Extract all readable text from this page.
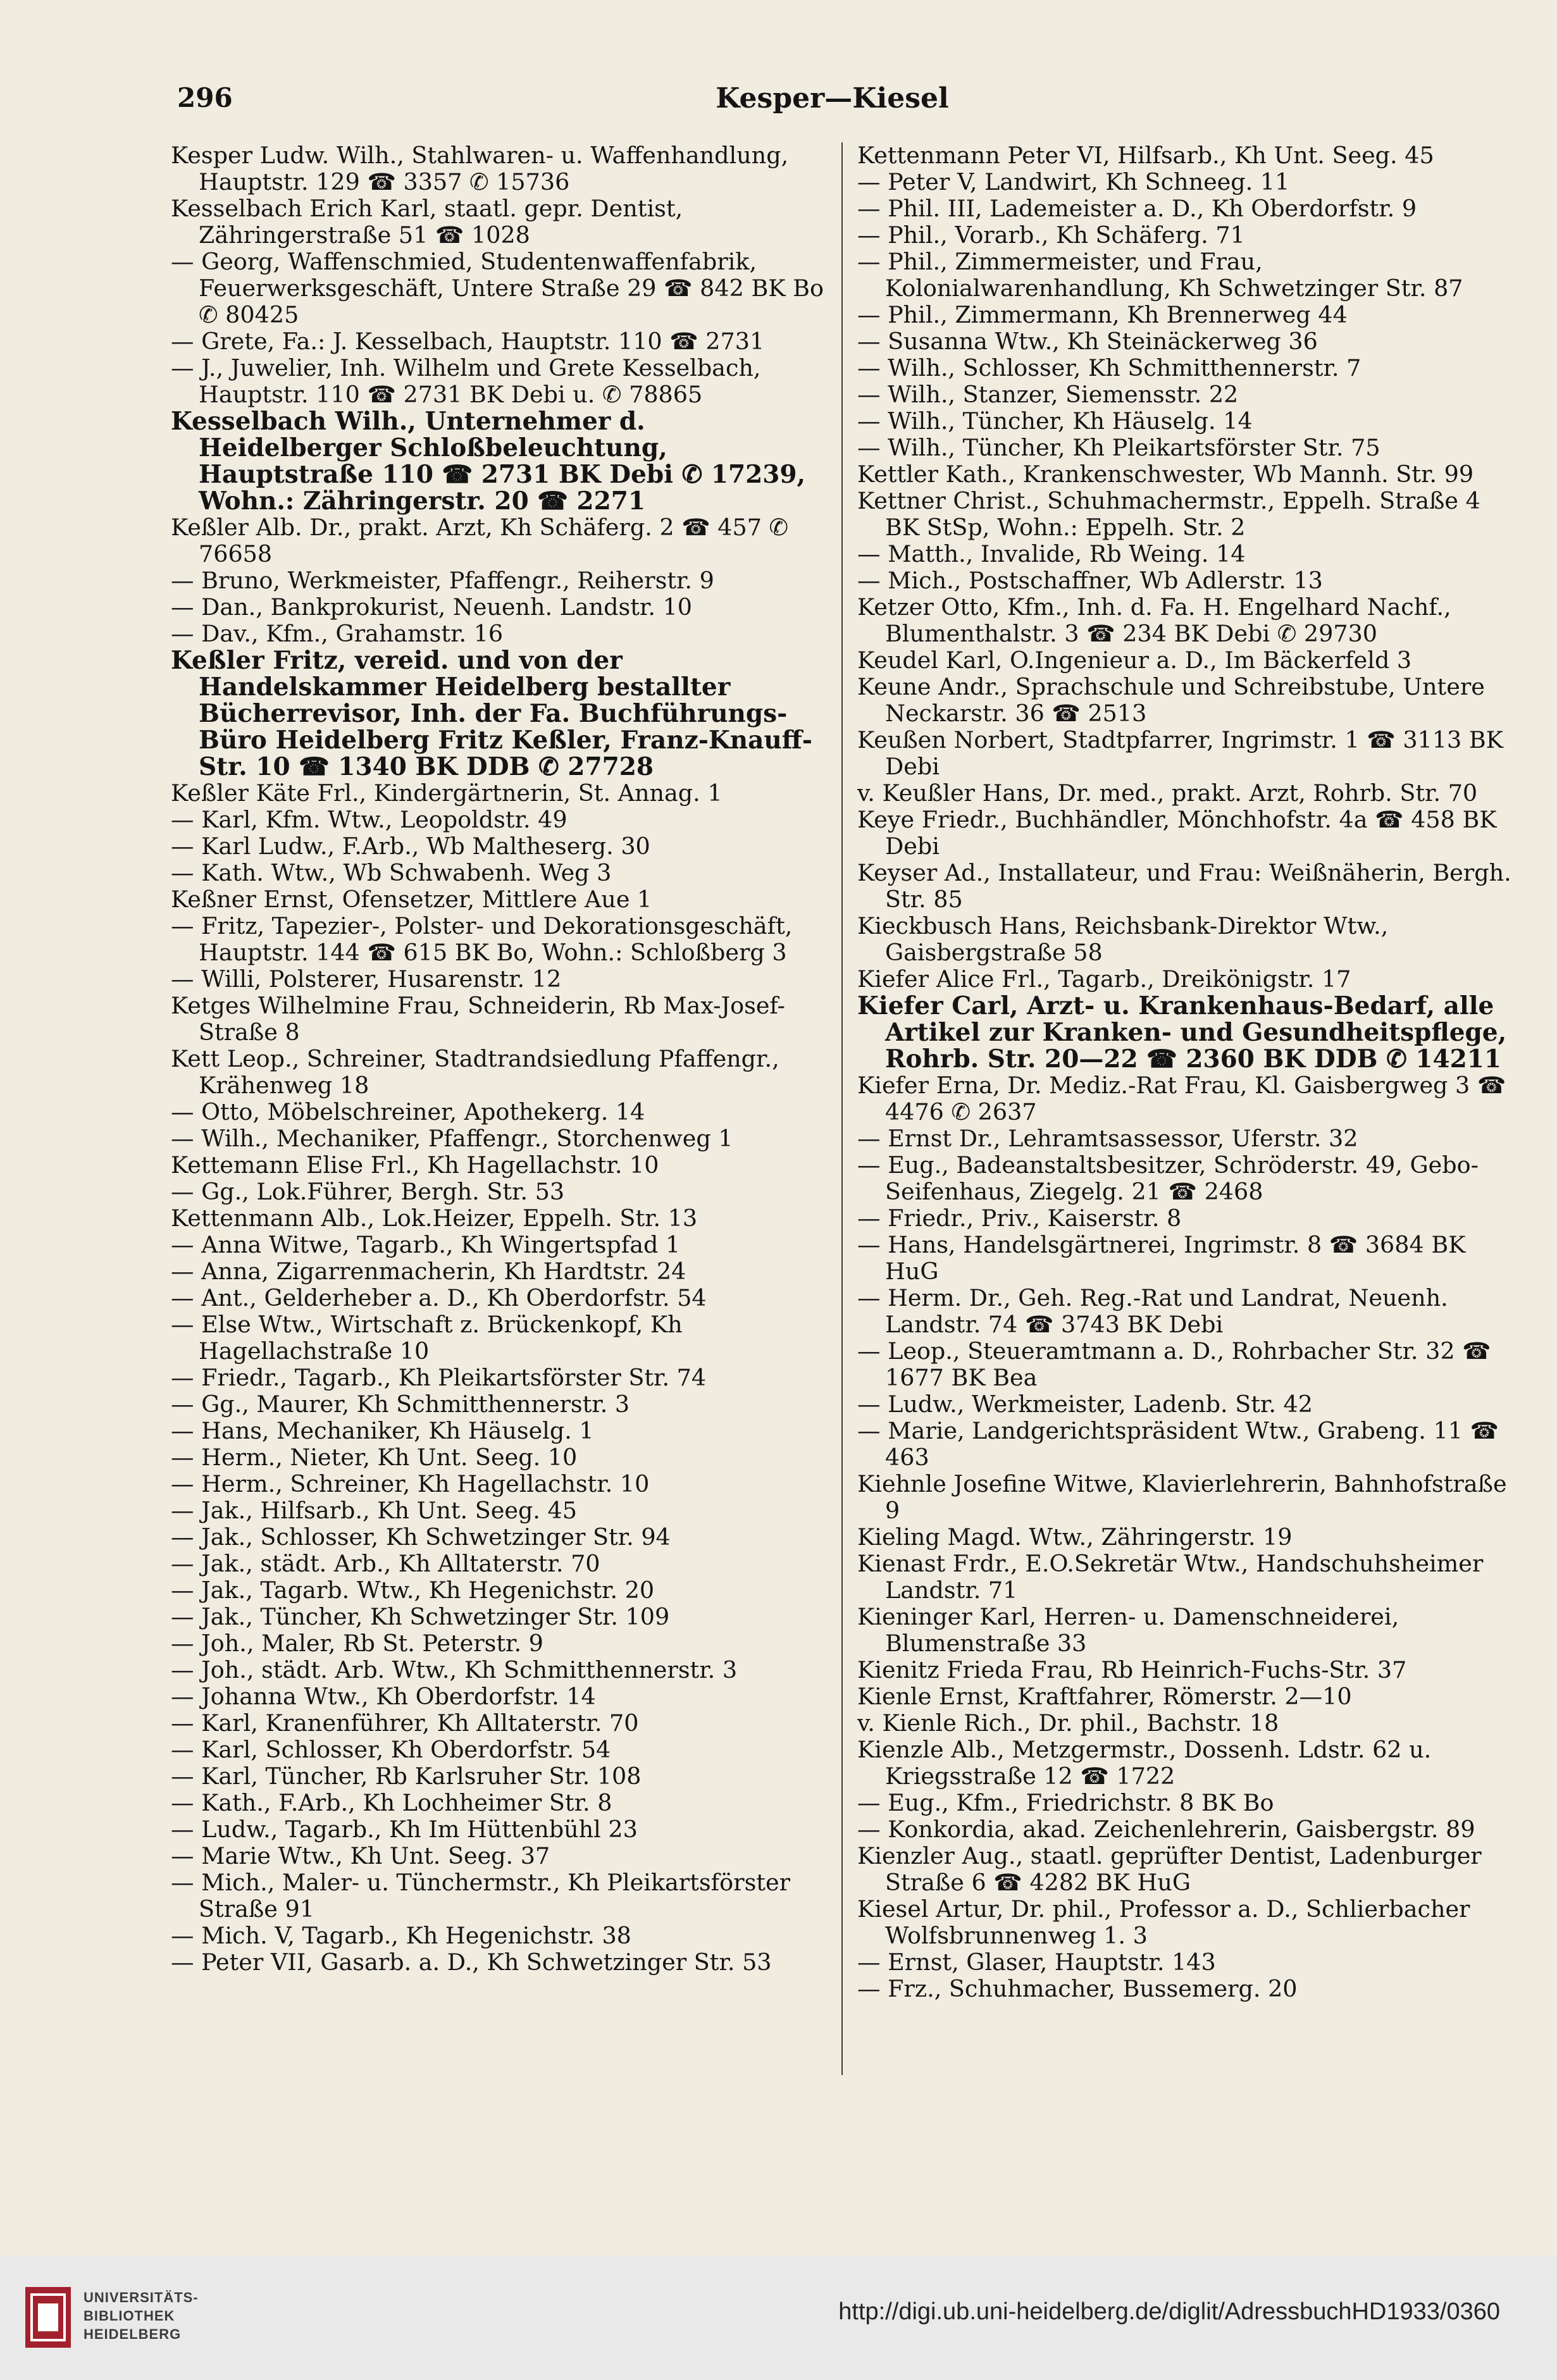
296	Kesper—Kiesel

Kesper Ludw. Wilh., Stahlwaren- u. Waffenhandlung, Hauptstr. 129 ☎ 3357 ✆ 15736

Kesselbach Erich Karl, staatl. gepr. Dentist, Zähringerstraße 51 ☎ 1028

— Georg, Waffenschmied, Studentenwaffenfabrik, Feuerwerksgeschäft, Untere Straße 29 ☎ 842 BK Bo ✆ 80425

— Grete, Fa.: J. Kesselbach, Hauptstr. 110 ☎ 2731

— J., Juwelier, Inh. Wilhelm und Grete Kesselbach, Hauptstr. 110 ☎ 2731 BK Debi u. ✆ 78865

Kesselbach Wilh., Unternehmer d. Heidelberger Schloßbeleuchtung, Hauptstraße 110 ☎ 2731 BK Debi ✆ 17239, Wohn.: Zähringerstr. 20 ☎ 2271

Keßler Alb. Dr., prakt. Arzt, Kh Schäferg. 2 ☎ 457 ✆ 76658

— Bruno, Werkmeister, Pfaffengr., Reiherstr. 9

— Dan., Bankprokurist, Neuenh. Landstr. 10

— Dav., Kfm., Grahamstr. 16

Keßler Fritz, vereid. und von der Handelskammer Heidelberg bestallter Bücherrevisor, Inh. der Fa. Buchführungs-Büro Heidelberg Fritz Keßler, Franz-Knauff-Str. 10 ☎ 1340 BK DDB ✆ 27728

Keßler Käte Frl., Kindergärtnerin, St. Annag. 1

— Karl, Kfm. Wtw., Leopoldstr. 49

— Karl Ludw., F.Arb., Wb Maltheserg. 30

— Kath. Wtw., Wb Schwabenh. Weg 3

Keßner Ernst, Ofensetzer, Mittlere Aue 1

— Fritz, Tapezier-, Polster- und Dekorationsgeschäft, Hauptstr. 144 ☎ 615 BK Bo, Wohn.: Schloßberg 3

— Willi, Polsterer, Husarenstr. 12

Ketges Wilhelmine Frau, Schneiderin, Rb Max-Josef-Straße 8

Kett Leop., Schreiner, Stadtrandsiedlung Pfaffengr., Krähenweg 18

— Otto, Möbelschreiner, Apothekerg. 14

— Wilh., Mechaniker, Pfaffengr., Storchenweg 1

Kettemann Elise Frl., Kh Hagellachstr. 10

— Gg., Lok.Führer, Bergh. Str. 53

Kettenmann Alb., Lok.Heizer, Eppelh. Str. 13

— Anna Witwe, Tagarb., Kh Wingertspfad 1

— Anna, Zigarrenmacherin, Kh Hardtstr. 24

— Ant., Gelderheber a. D., Kh Oberdorfstr. 54

— Else Wtw., Wirtschaft z. Brückenkopf, Kh Hagellachstraße 10

— Friedr., Tagarb., Kh Pleikartsförster Str. 74

— Gg., Maurer, Kh Schmitthennerstr. 3

— Hans, Mechaniker, Kh Häuselg. 1

— Herm., Nieter, Kh Unt. Seeg. 10

— Herm., Schreiner, Kh Hagellachstr. 10

— Jak., Hilfsarb., Kh Unt. Seeg. 45

— Jak., Schlosser, Kh Schwetzinger Str. 94

— Jak., städt. Arb., Kh Alltaterstr. 70

— Jak., Tagarb. Wtw., Kh Hegenichstr. 20

— Jak., Tüncher, Kh Schwetzinger Str. 109

— Joh., Maler, Rb St. Peterstr. 9

— Joh., städt. Arb. Wtw., Kh Schmitthennerstr. 3

— Johanna Wtw., Kh Oberdorfstr. 14

— Karl, Kranenführer, Kh Alltaterstr. 70

— Karl, Schlosser, Kh Oberdorfstr. 54

— Karl, Tüncher, Rb Karlsruher Str. 108

— Kath., F.Arb., Kh Lochheimer Str. 8

— Ludw., Tagarb., Kh Im Hüttenbühl 23

— Marie Wtw., Kh Unt. Seeg. 37

— Mich., Maler- u. Tünchermstr., Kh Pleikartsförster Straße 91

— Mich. V, Tagarb., Kh Hegenichstr. 38

— Peter VII, Gasarb. a. D., Kh Schwetzinger Str. 53

Kettenmann Peter VI, Hilfsarb., Kh Unt. Seeg. 45

— Peter V, Landwirt, Kh Schneeg. 11

— Phil. III, Lademeister a. D., Kh Oberdorfstr. 9

— Phil., Vorarb., Kh Schäferg. 71

— Phil., Zimmermeister, und Frau, Kolonialwarenhandlung, Kh Schwetzinger Str. 87

— Phil., Zimmermann, Kh Brennerweg 44

— Susanna Wtw., Kh Steinäckerweg 36

— Wilh., Schlosser, Kh Schmitthennerstr. 7

— Wilh., Stanzer, Siemensstr. 22

— Wilh., Tüncher, Kh Häuselg. 14

— Wilh., Tüncher, Kh Pleikartsförster Str. 75

Kettler Kath., Krankenschwester, Wb Mannh. Str. 99

Kettner Christ., Schuhmachermstr., Eppelh. Straße 4 BK StSp, Wohn.: Eppelh. Str. 2

— Matth., Invalide, Rb Weing. 14

— Mich., Postschaffner, Wb Adlerstr. 13

Ketzer Otto, Kfm., Inh. d. Fa. H. Engelhard Nachf., Blumenthalstr. 3 ☎ 234 BK Debi ✆ 29730

Keudel Karl, O.Ingenieur a. D., Im Bäckerfeld 3

Keune Andr., Sprachschule und Schreibstube, Untere Neckarstr. 36 ☎ 2513

Keußen Norbert, Stadtpfarrer, Ingrimstr. 1 ☎ 3113 BK Debi

v. Keußler Hans, Dr. med., prakt. Arzt, Rohrb. Str. 70

Keye Friedr., Buchhändler, Mönchhofstr. 4a ☎ 458 BK Debi

Keyser Ad., Installateur, und Frau: Weißnäherin, Bergh. Str. 85

Kieckbusch Hans, Reichsbank-Direktor Wtw., Gaisbergstraße 58

Kiefer Alice Frl., Tagarb., Dreikönigstr. 17

Kiefer Carl, Arzt- u. Krankenhaus-Bedarf, alle Artikel zur Kranken- und Gesundheitspflege, Rohrb. Str. 20—22 ☎ 2360 BK DDB ✆ 14211

Kiefer Erna, Dr. Mediz.-Rat Frau, Kl. Gaisbergweg 3 ☎ 4476 ✆ 2637

— Ernst Dr., Lehramtsassessor, Uferstr. 32

— Eug., Badeanstaltsbesitzer, Schröderstr. 49, Gebo-Seifenhaus, Ziegelg. 21 ☎ 2468

— Friedr., Priv., Kaiserstr. 8

— Hans, Handelsgärtnerei, Ingrimstr. 8 ☎ 3684 BK HuG

— Herm. Dr., Geh. Reg.-Rat und Landrat, Neuenh. Landstr. 74 ☎ 3743 BK Debi

— Leop., Steueramtmann a. D., Rohrbacher Str. 32 ☎ 1677 BK Bea

— Ludw., Werkmeister, Ladenb. Str. 42

— Marie, Landgerichtspräsident Wtw., Grabeng. 11 ☎ 463

Kiehnle Josefine Witwe, Klavierlehrerin, Bahnhofstraße 9

Kieling Magd. Wtw., Zähringerstr. 19

Kienast Frdr., E.O.Sekretär Wtw., Handschuhsheimer Landstr. 71

Kieninger Karl, Herren- u. Damenschneiderei, Blumenstraße 33

Kienitz Frieda Frau, Rb Heinrich-Fuchs-Str. 37

Kienle Ernst, Kraftfahrer, Römerstr. 2—10

v. Kienle Rich., Dr. phil., Bachstr. 18

Kienzle Alb., Metzgermstr., Dossenh. Ldstr. 62 u. Kriegsstraße 12 ☎ 1722

— Eug., Kfm., Friedrichstr. 8 BK Bo

— Konkordia, akad. Zeichenlehrerin, Gaisbergstr. 89

Kienzler Aug., staatl. geprüfter Dentist, Ladenburger Straße 6 ☎ 4282 BK HuG

Kiesel Artur, Dr. phil., Professor a. D., Schlierbacher Wolfsbrunnenweg 1. 3

— Ernst, Glaser, Hauptstr. 143

— Frz., Schuhmacher, Bussemerg. 20

UNIVERSITÄTS-
BIBLIOTHEK
HEIDELBERG
http://digi.ub.uni-heidelberg.de/diglit/AdressbuchHD1933/0360
